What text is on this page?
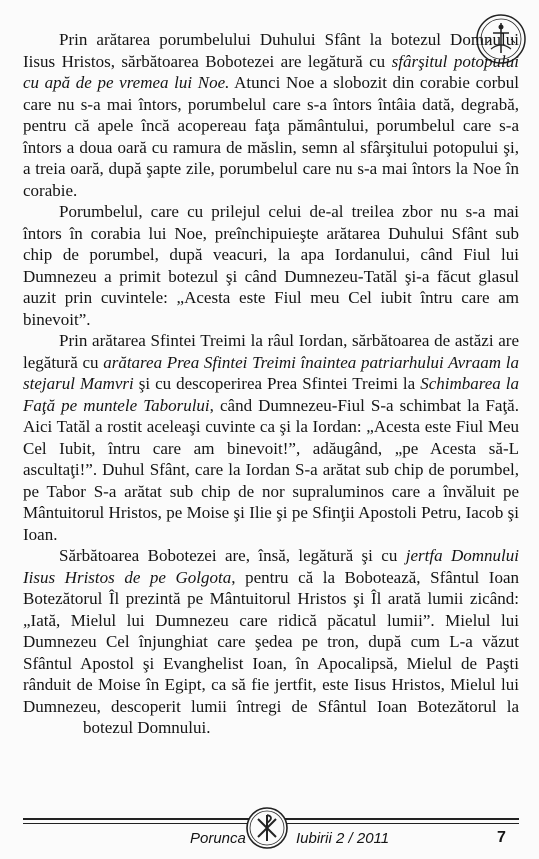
Prin arătarea porumbelului Duhului Sfânt la botezul Domnului Iisus Hristos, sărbătoarea Bobotezei are legătură cu sfârşitul potopului cu apă de pe vremea lui Noe. Atunci Noe a slobozit din corabie corbul care nu s-a mai întors, porumbelul care s-a întors întâia dată, degrabă, pentru că apele încă acopereau faţa pământului, porumbelul care s-a întors a doua oară cu ramura de măslin, semn al sfârşitului potopului şi, a treia oară, după şapte zile, porumbelul care nu s-a mai întors la Noe în corabie.

Porumbelul, care cu prilejul celui de-al treilea zbor nu s-a mai întors în corabia lui Noe, preînchipuieşte arătarea Duhului Sfânt sub chip de porumbel, după veacuri, la apa Iordanului, când Fiul lui Dumnezeu a primit botezul şi când Dumnezeu-Tatăl şi-a făcut glasul auzit prin cuvintele: „Acesta este Fiul meu Cel iubit întru care am binevoit”.

Prin arătarea Sfintei Treimi la râul Iordan, sărbătoarea de astăzi are legătură cu arătarea Prea Sfintei Treimi înaintea patriarhului Avraam la stejarul Mamvri şi cu descoperirea Prea Sfintei Treimi la Schimbarea la Faţă pe muntele Taborului, când Dumnezeu-Fiul S-a schimbat la Faţă. Aici Tatăl a rostit aceleaşi cuvinte ca şi la Iordan: „Acesta este Fiul Meu Cel Iubit, întru care am binevoit!”, adăugând, „pe Acesta să-L ascultaţi!”. Duhul Sfânt, care la Iordan S-a arătat sub chip de porumbel, pe Tabor S-a arătat sub chip de nor supraluminos care a învăluit pe Mântuitorul Hristos, pe Moise şi Ilie şi pe Sfinţii Apostoli Petru, Iacob şi Ioan.

Sărbătoarea Bobotezei are, însă, legătură şi cu jertfa Domnului Iisus Hristos de pe Golgota, pentru că la Bobotează, Sfântul Ioan Botezătorul Îl prezintă pe Mântuitorul Hristos şi Îl arată lumii zicând: „Iată, Mielul lui Dumnezeu care ridică păcatul lumii”. Mielul lui Dumnezeu Cel înjunghiat care şedea pe tron, după cum L-a văzut Sfântul Apostol şi Evanghelist Ioan, în Apocalipsă, Mielul de Paşti rânduit de Moise în Egipt, ca să fie jertfit, este Iisus Hristos, Mielul lui Dumnezeu, descoperit lumii întregi de Sfântul Ioan Botezătorul la botezul Domnului.

Porunca	Iubirii 2 / 2011	7
